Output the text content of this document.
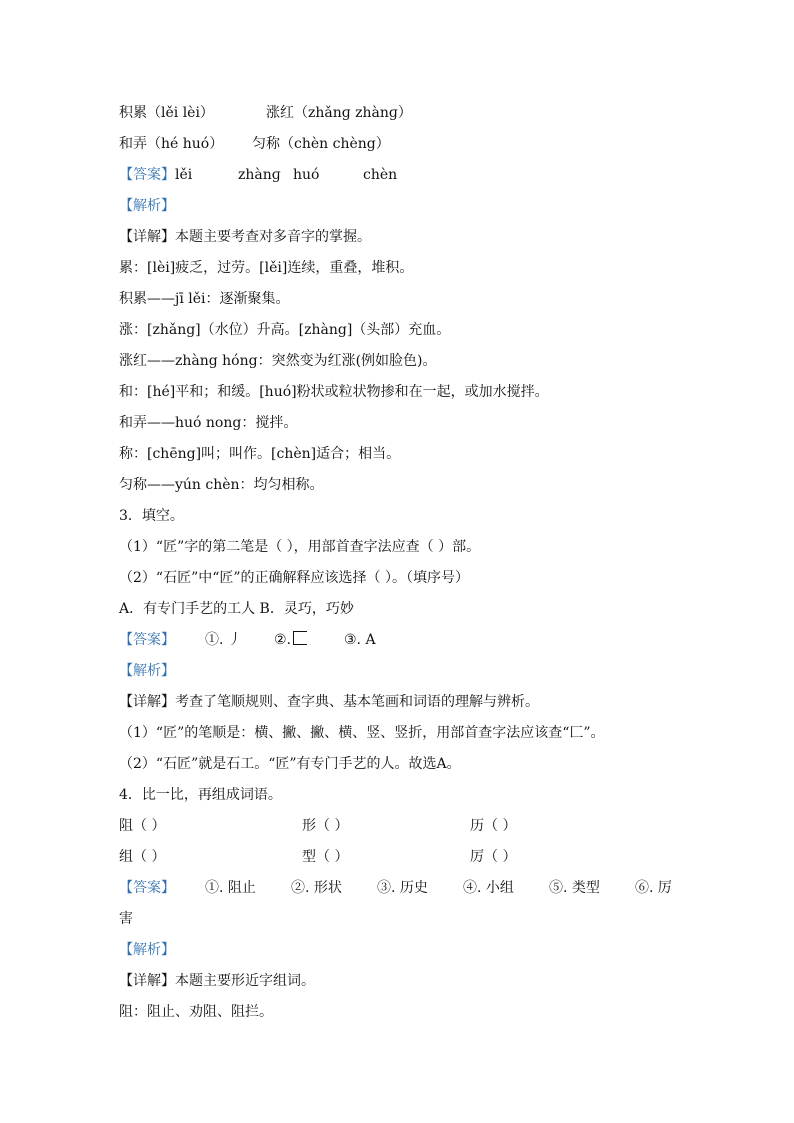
积累（lěi lèi）	涨红（zhǎnɡ zhànɡ）
和弄（hé huó） 匀称（chèn chèng）
【答案】lěi	zhànɡ huó	chèn
【解析】
【详解】本题主要考查对多音字的掌握。
累：[lèi]疲乏，过劳。[lěi]连续，重叠，堆积。
积累——jī lěi：逐渐聚集。
涨：[zhǎng]（水位）升高。[zhàng]（头部）充血。
涨红——zhàng hóng：突然变为红涨(例如脸色)。
和：[hé]平和；和缓。[huó]粉状或粒状物掺和在一起，或加水搅拌。
和弄——huó nong：搅拌。
称：[chēng]叫；叫作。[chèn]适合；相当。
匀称——yún chèn：均匀相称。
3．填空。
（1）“匠”字的第二笔是（ ），用部首查字法应查（ ）部。
（2）“石匠”中“匠”的正确解释应该选择（ ）。（填序号）
A．有专门手艺的工人 B．灵巧，巧妙
【答案】 ①. 丿 ②.	③. A
【解析】
【详解】考查了笔顺规则、查字典、基本笔画和词语的理解与辨析。
（1）“匠”的笔顺是：横、撇、撇、横、竖、竖折，用部首查字法应该查“匚”。
（2）“石匠”就是石工。“匠”有专门手艺的人。故选A。
4．比一比，再组成词语。
阻（ ）	形（ ）	历（ ）
组（ ）	型（ ）	厉（ ）
【答案】 ①. 阻止	②. 形状	③. 历史	④. 小组	⑤. 类型	⑥. 厉
害
【解析】
【详解】本题主要形近字组词。
阻：阻止、劝阻、阻拦。
